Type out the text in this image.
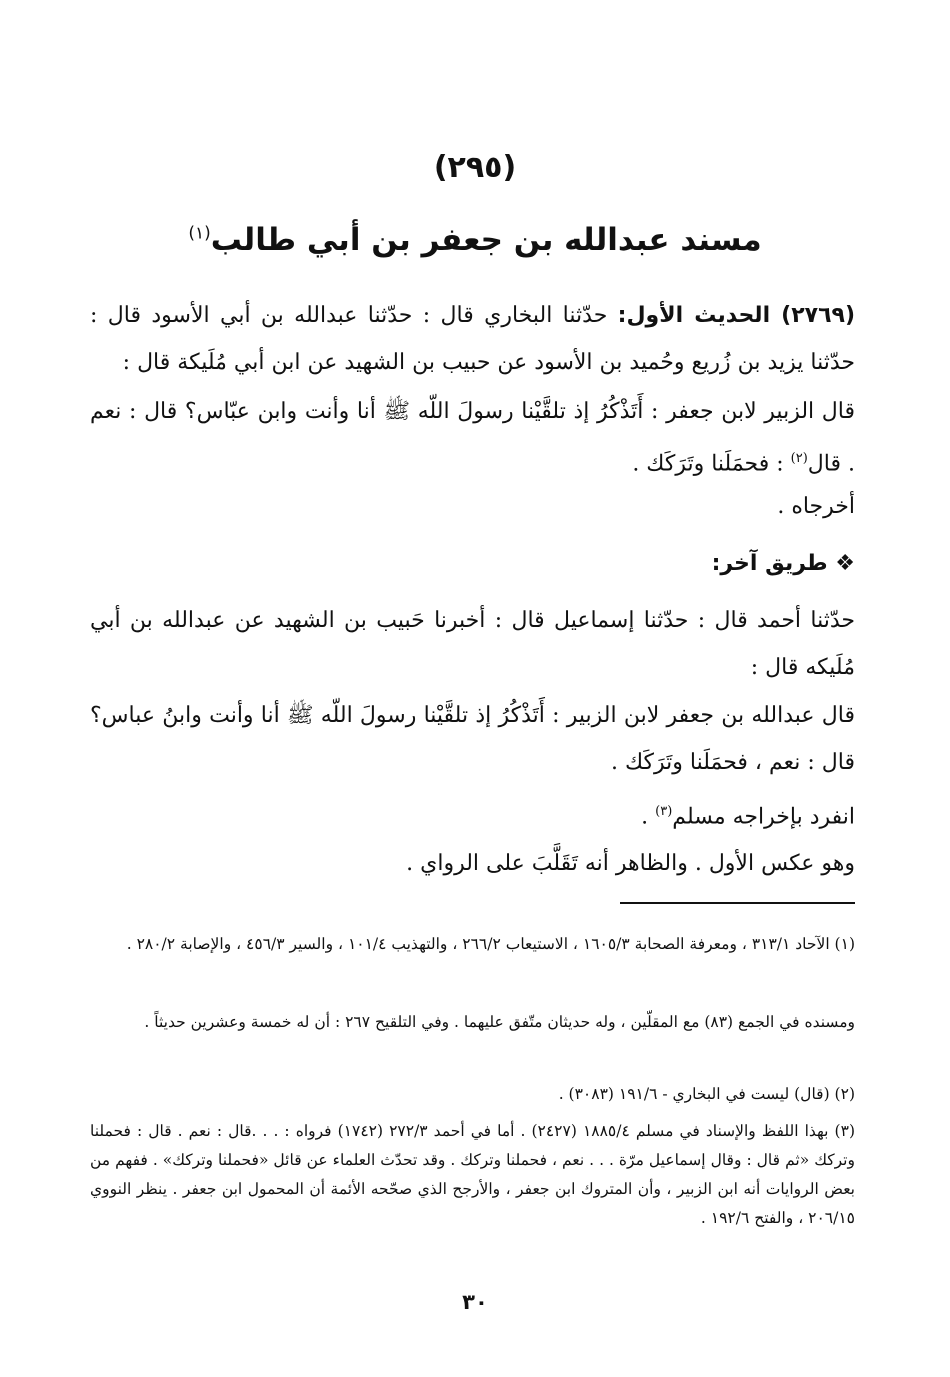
(٢٩٥)
مسند عبدالله بن جعفر بن أبي طالب$^{(١)}$
(٢٧٦٩) الحديث الأول: حدّثنا البخاري قال : حدّثنا عبدالله بن أبي الأسود قال : حدّثنا يزيد بن زُريع وحُميد بن الأسود عن حبيب بن الشهيد عن ابن أبي مُلَيكة قال :
قال الزبير لابن جعفر : أَتَذْكُرُ إذ تلقَّيْنا رسولَ اللّه ﷺ أنا وأنت وابن عبّاس؟ قال : نعم . قال$^{(٢)}$ : فحمَلَنا وتَرَكَك .
أخرجاه .
❖ طريق آخر:
حدّثنا أحمد قال : حدّثنا إسماعيل قال : أخبرنا حَبيب بن الشهيد عن عبدالله بن أبي مُلَيكه قال :
قال عبدالله بن جعفر لابن الزبير : أَتَذْكُرُ إذ تلقَّيْنا رسولَ اللّه ﷺ أنا وأنت وابنُ عباس؟ قال : نعم ، فحمَلَنا وتَرَكَك .
انفرد بإخراجه مسلم$^{(٣)}$ .
وهو عكس الأول . والظاهر أنه تَقَلَّبَ على الرواي .
(١) الآحاد ٣١٣/١ ، ومعرفة الصحابة ١٦٠٥/٣ ، الاستيعاب ٢٦٦/٢ ، والتهذيب ١٠١/٤ ، والسير ٤٥٦/٣ ، والإصابة ٢٨٠/٢ .
ومسنده في الجمع (٨٣) مع المقلّين ، وله حديثان متّفق عليهما . وفي التلقيح ٢٦٧ : أن له خمسة وعشرين حديثاً .
(٢) (قال) ليست في البخاري - ١٩١/٦ (٣٠٨٣) .
(٣) بهذا اللفظ والإسناد في مسلم ١٨٨٥/٤ (٢٤٢٧) . أما في أحمد ٢٧٢/٣ (١٧٤٢) فرواه : . . .قال : نعم . قال : فحملنا وتركك «ثم قال : وقال إسماعيل مرّة . . . نعم ، فحملنا وتركك . وقد تحدّث العلماء عن قائل «فحملنا وتركك» . ففهم من بعض الروايات أنه ابن الزبير ، وأن المتروك ابن جعفر ، والأرجح الذي صحّحه الأئمة أن المحمول ابن جعفر . ينظر النووي ٢٠٦/١٥ ، والفتح ١٩٢/٦ .
٣٠
